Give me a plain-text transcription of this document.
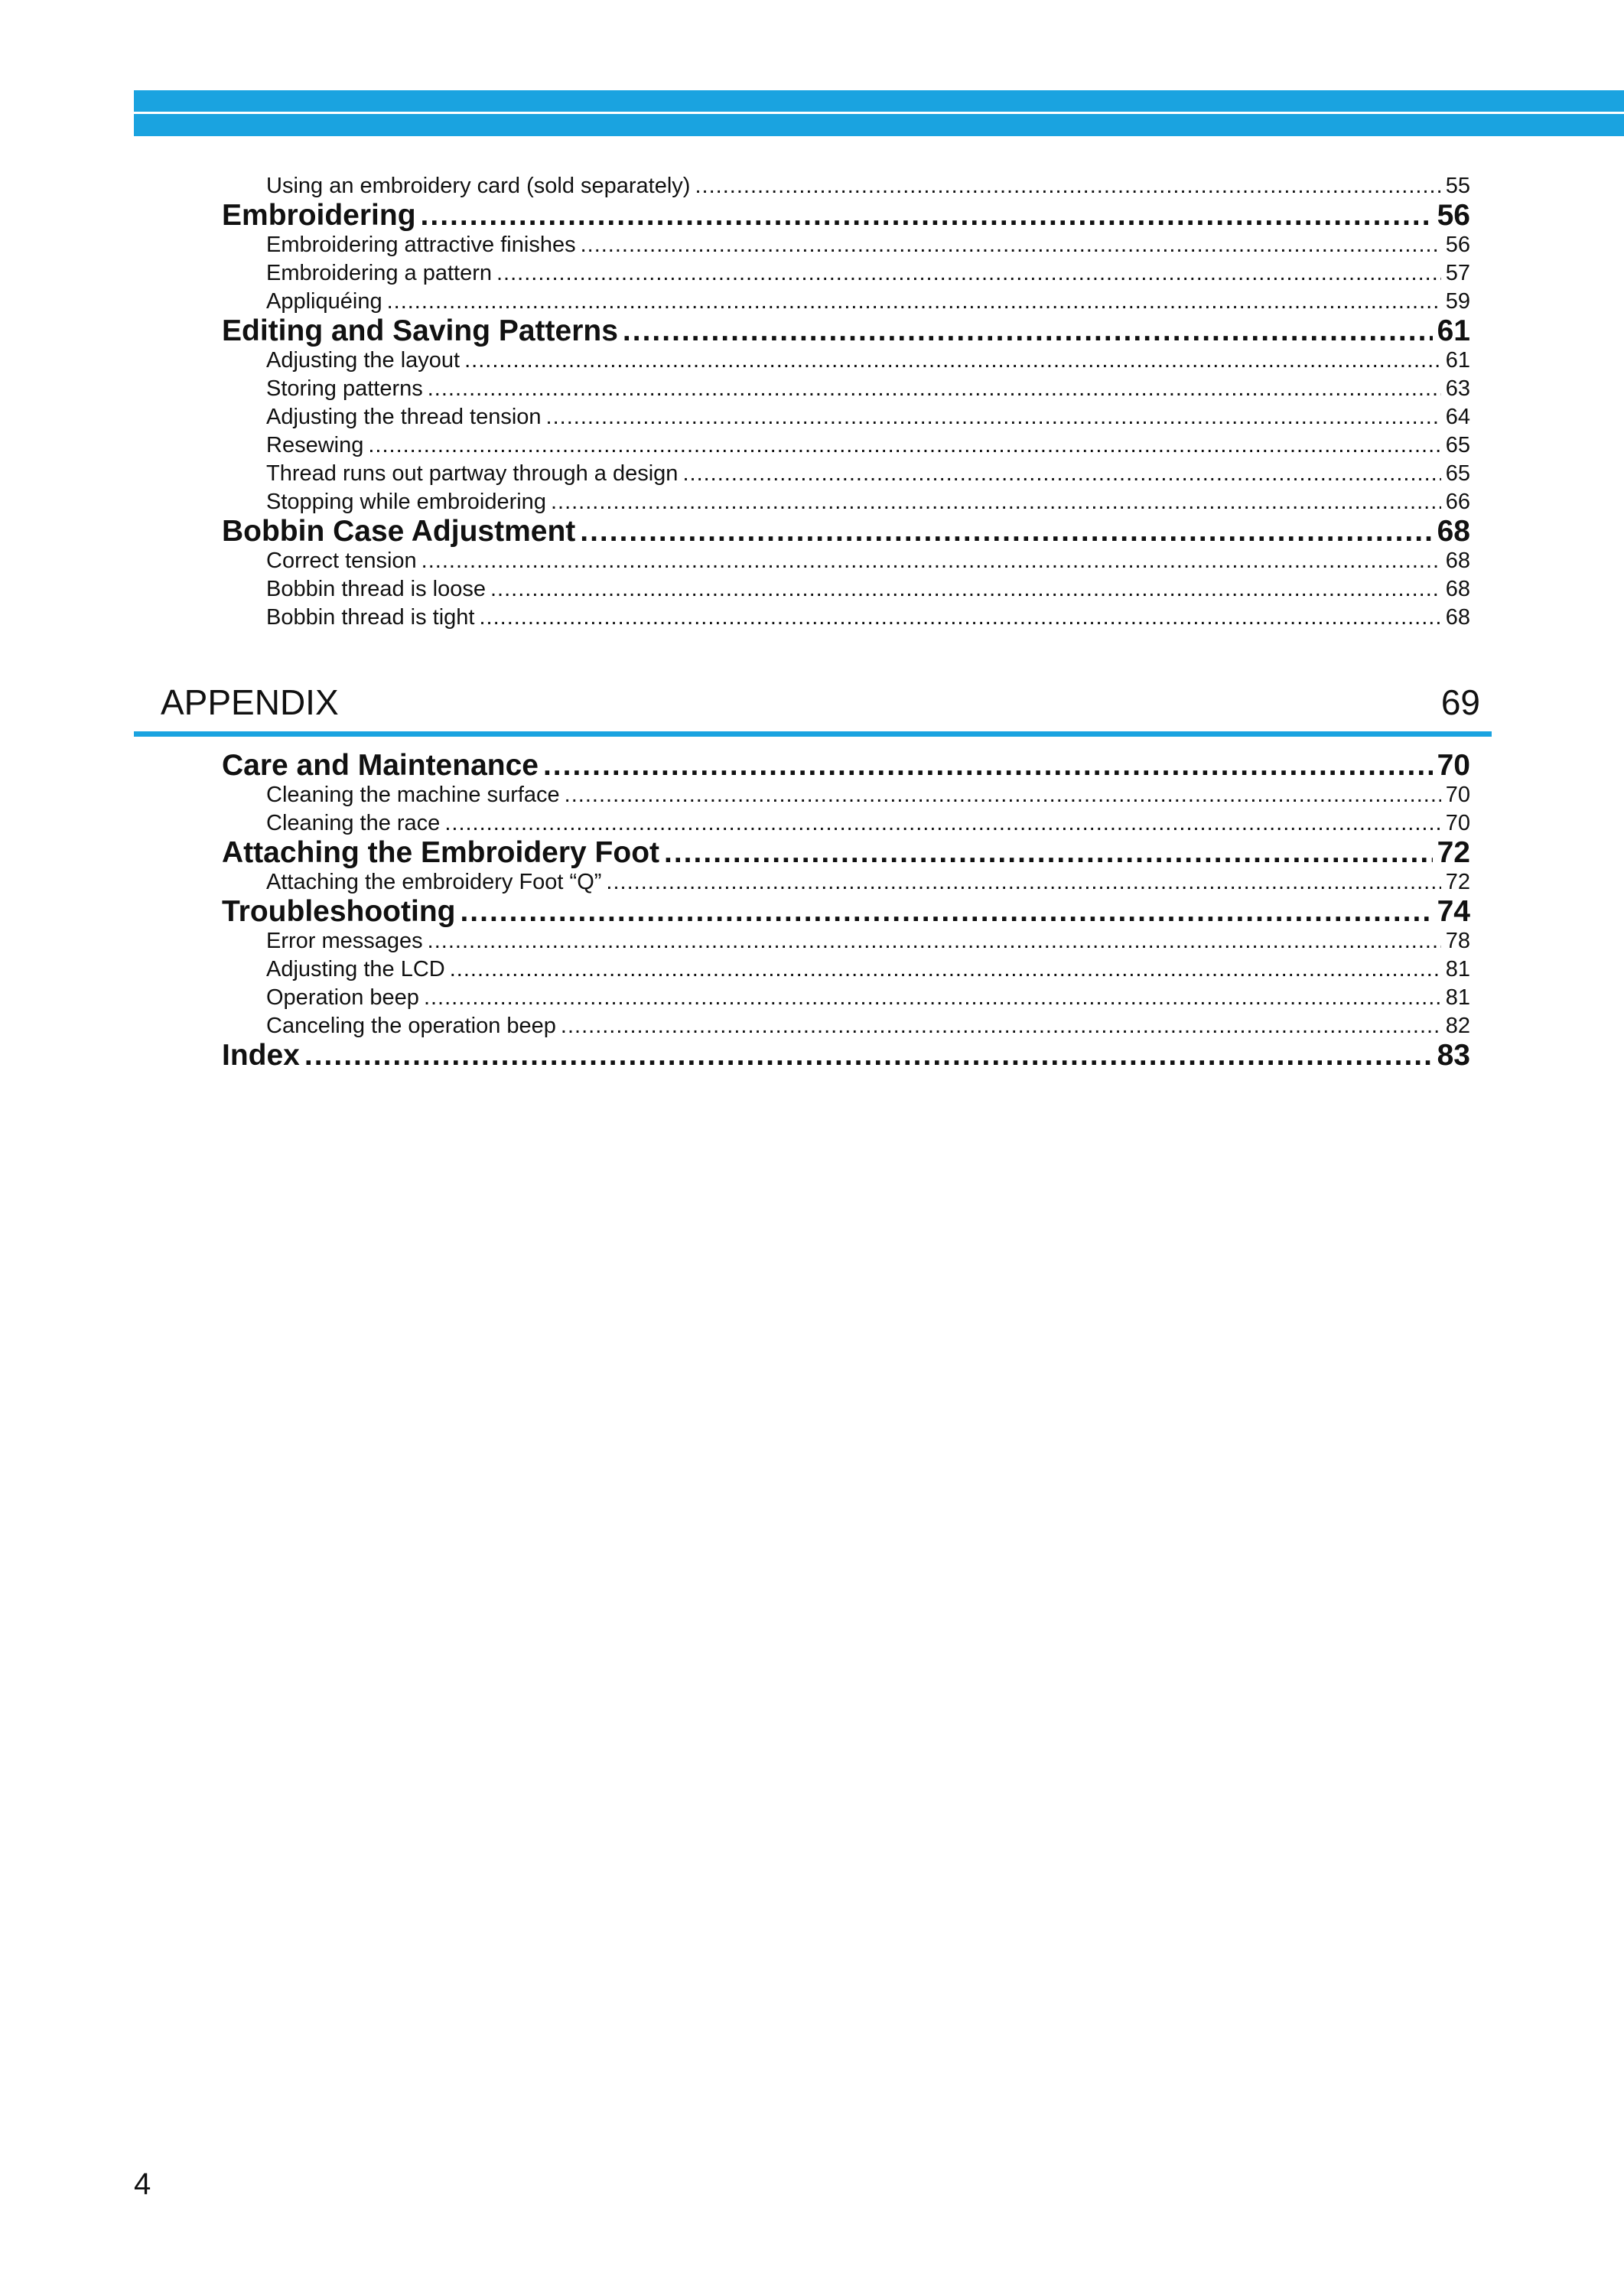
Using an embroidery card (sold separately) .....	55
Embroidering .....	56
Embroidering attractive finishes .....	56
Embroidering a pattern .....	57
Appliquéing .....	59
Editing and Saving Patterns .....	61
Adjusting the layout .....	61
Storing patterns .....	63
Adjusting the thread tension .....	64
Resewing .....	65
Thread runs out partway through a design .....	65
Stopping while embroidering .....	66
Bobbin Case Adjustment .....	68
Correct tension .....	68
Bobbin thread is loose .....	68
Bobbin thread is tight .....	68
APPENDIX	69
Care and Maintenance .....	70
Cleaning the machine surface .....	70
Cleaning the race .....	70
Attaching the Embroidery Foot .....	72
Attaching the embroidery Foot “Q” .....	72
Troubleshooting .....	74
Error messages .....	78
Adjusting the LCD .....	81
Operation beep .....	81
Canceling the operation beep .....	82
Index .....	83
4
